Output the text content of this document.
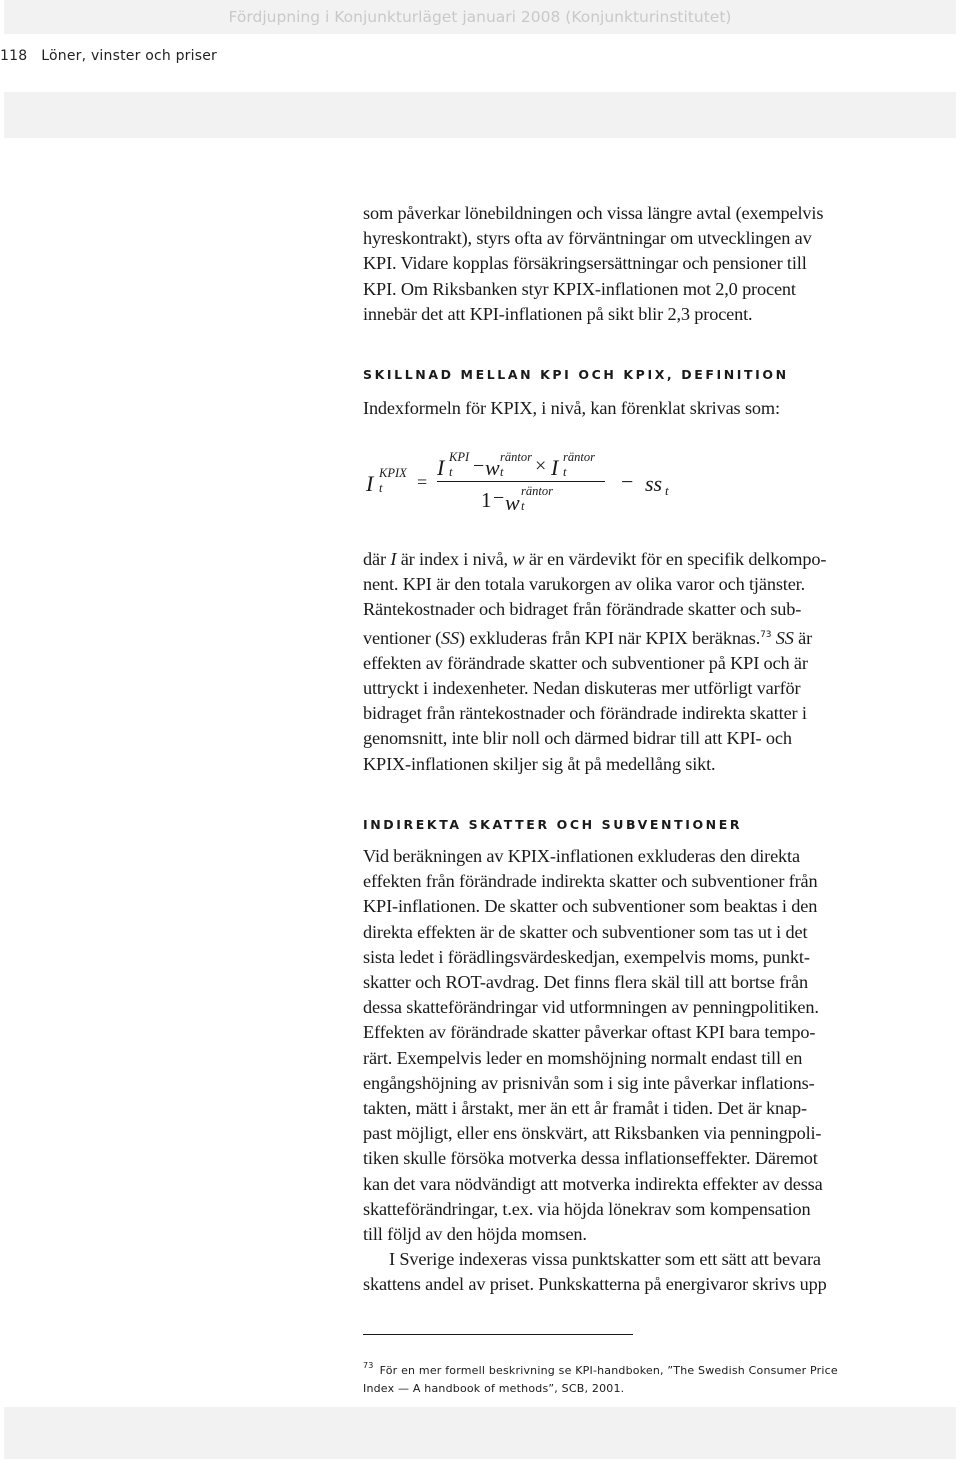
Fördjupning i Konjunkturläget januari 2008 (Konjunkturinstitutet)
118 Löner, vinster och priser

som påverkar lönebildningen och vissa längre avtal (exempelvis

hyreskontrakt), styrs ofta av förväntningar om utvecklingen av

KPI. Vidare kopplas försäkringsersättningar och pensioner till

KPI. Om Riksbanken styr KPIX-inflationen mot 2,0 procent

innebär det att KPI-inflationen på sikt blir 2,3 procent.

SKILLNAD MELLAN KPI OCH KPIX, DEFINITION

Indexformeln för KPIX, i nivå, kan förenklat skrivas som:

I KPIX
t =
I KPI
t − w räntor
t × I räntor
t
1 − w räntor
t
− ss t

där I är index i nivå, w är en värdevikt för en specifik delkompo-

nent. KPI är den totala varukorgen av olika varor och tjänster.

Räntekostnader och bidraget från förändrade skatter och sub-

ventioner (SS) exkluderas från KPI när KPIX beräknas.$^{73}$ SS är

effekten av förändrade skatter och subventioner på KPI och är

uttryckt i indexenheter. Nedan diskuteras mer utförligt varför

bidraget från räntekostnader och förändrade indirekta skatter i

genomsnitt, inte blir noll och därmed bidrar till att KPI- och

KPIX-inflationen skiljer sig åt på medellång sikt.

INDIREKTA SKATTER OCH SUBVENTIONER

Vid beräkningen av KPIX-inflationen exkluderas den direkta

effekten från förändrade indirekta skatter och subventioner från

KPI-inflationen. De skatter och subventioner som beaktas i den

direkta effekten är de skatter och subventioner som tas ut i det

sista ledet i förädlingsvärdeskedjan, exempelvis moms, punkt-

skatter och ROT-avdrag. Det finns flera skäl till att bortse från

dessa skatteförändringar vid utformningen av penningpolitiken.

Effekten av förändrade skatter påverkar oftast KPI bara tempo-

rärt. Exempelvis leder en momshöjning normalt endast till en

engångshöjning av prisnivån som i sig inte påverkar inflations-

takten, mätt i årstakt, mer än ett år framåt i tiden. Det är knap-

past möjligt, eller ens önskvärt, att Riksbanken via penningpoli-

tiken skulle försöka motverka dessa inflationseffekter. Däremot

kan det vara nödvändigt att motverka indirekta effekter av dessa

skatteförändringar, t.ex. via höjda lönekrav som kompensation

till följd av den höjda momsen.

I Sverige indexeras vissa punktskatter som ett sätt att bevara

skattens andel av priset. Punkskatterna på energivaror skrivs upp

$^{73}$ För en mer formell beskrivning se KPI-handboken, ”The Swedish Consumer Price
Index — A handbook of methods”, SCB, 2001.
